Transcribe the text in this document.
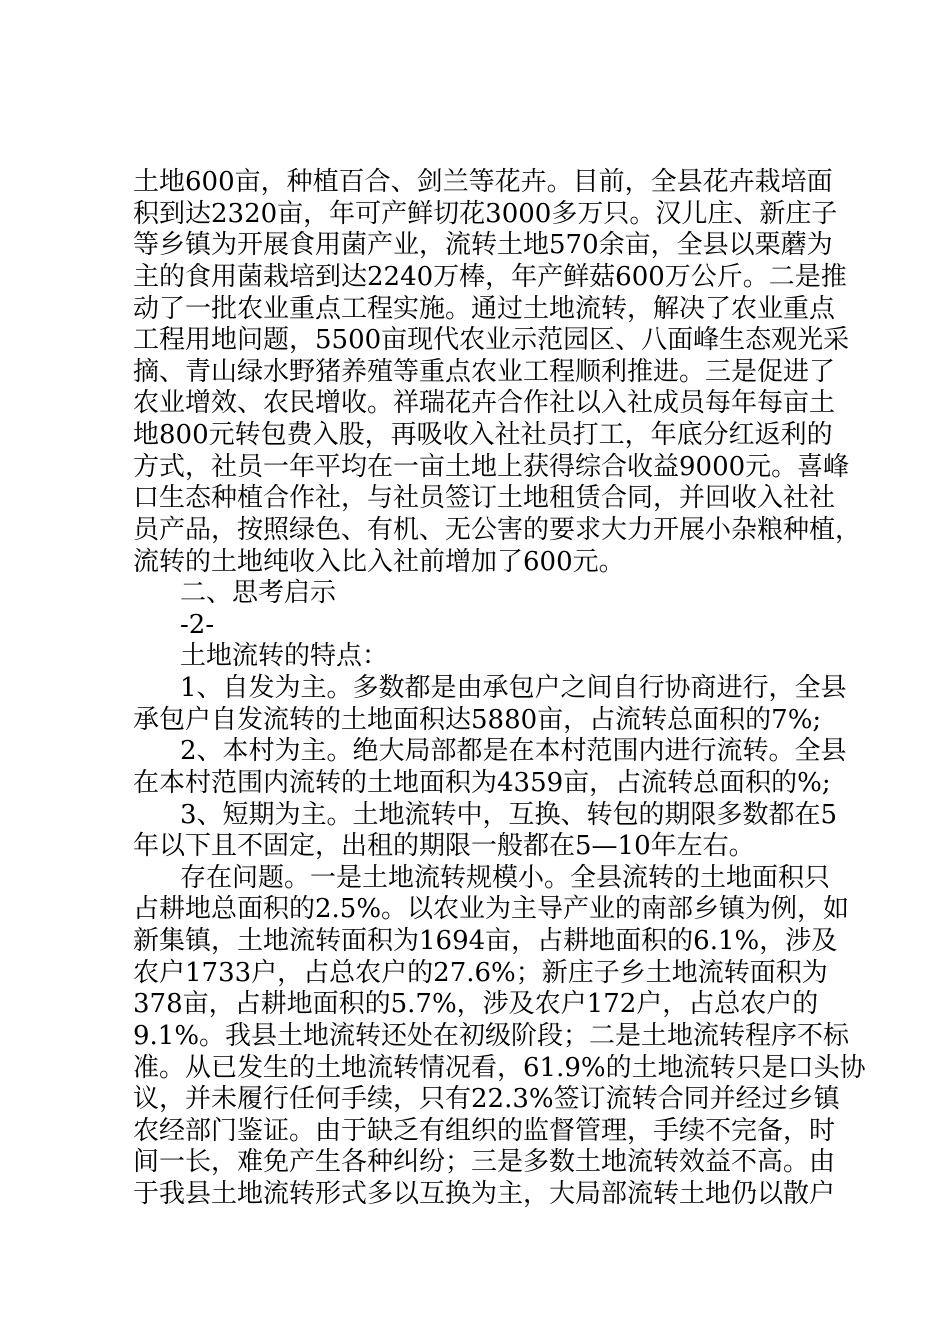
土地600亩，种植百合、剑兰等花卉。目前，全县花卉栽培面
积到达2320亩，年可产鲜切花3000多万只。汉儿庄、新庄子
等乡镇为开展食用菌产业，流转土地570余亩，全县以栗蘑为
主的食用菌栽培到达2240万棒，年产鲜菇600万公斤。二是推
动了一批农业重点工程实施。通过土地流转，解决了农业重点
工程用地问题，5500亩现代农业示范园区、八面峰生态观光采
摘、青山绿水野猪养殖等重点农业工程顺利推进。三是促进了
农业增效、农民增收。祥瑞花卉合作社以入社成员每年每亩土
地800元转包费入股，再吸收入社社员打工，年底分红返利的
方式，社员一年平均在一亩土地上获得综合收益9000元。喜峰
口生态种植合作社，与社员签订土地租赁合同，并回收入社社
员产品，按照绿色、有机、无公害的要求大力开展小杂粮种植，
流转的土地纯收入比入社前增加了600元。
二、思考启示
-2-
土地流转的特点：
1、自发为主。多数都是由承包户之间自行协商进行，全县
承包户自发流转的土地面积达5880亩，占流转总面积的7%;
2、本村为主。绝大局部都是在本村范围内进行流转。全县
在本村范围内流转的土地面积为4359亩，占流转总面积的%;
3、短期为主。土地流转中，互换、转包的期限多数都在5
年以下且不固定，出租的期限一般都在5—10年左右。
存在问题。一是土地流转规模小。全县流转的土地面积只
占耕地总面积的2.5%。以农业为主导产业的南部乡镇为例，如
新集镇，土地流转面积为1694亩，占耕地面积的6.1%，涉及
农户1733户，占总农户的27.6%；新庄子乡土地流转面积为
378亩，占耕地面积的5.7%，涉及农户172户，占总农户的
9.1%。我县土地流转还处在初级阶段；二是土地流转程序不标
准。从已发生的土地流转情况看，61.9%的土地流转只是口头协
议，并未履行任何手续，只有22.3%签订流转合同并经过乡镇
农经部门鉴证。由于缺乏有组织的监督管理，手续不完备，时
间一长，难免产生各种纠纷；三是多数土地流转效益不高。由
于我县土地流转形式多以互换为主，大局部流转土地仍以散户
